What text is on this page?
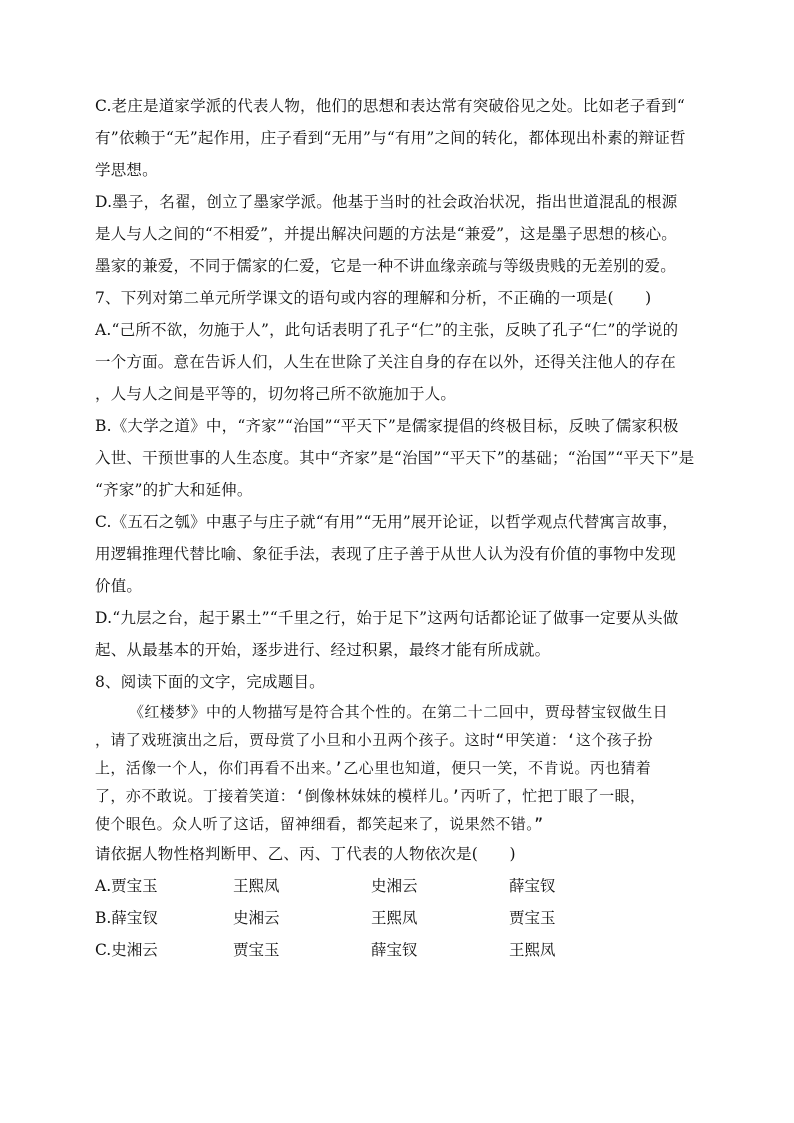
C.老庄是道家学派的代表人物，他们的思想和表达常有突破俗见之处。比如老子看到“
有”依赖于“无”起作用，庄子看到“无用”与“有用”之间的转化，都体现出朴素的辩证哲
学思想。
D.墨子，名翟，创立了墨家学派。他基于当时的社会政治状况，指出世道混乱的根源
是人与人之间的“不相爱”，并提出解决问题的方法是“兼爱”，这是墨子思想的核心。
墨家的兼爱，不同于儒家的仁爱，它是一种不讲血缘亲疏与等级贵贱的无差别的爱。
7、下列对第二单元所学课文的语句或内容的理解和分析，不正确的一项是(　　)
A.“己所不欲，勿施于人”，此句话表明了孔子“仁”的主张，反映了孔子“仁”的学说的
一个方面。意在告诉人们，人生在世除了关注自身的存在以外，还得关注他人的存在
，人与人之间是平等的，切勿将己所不欲施加于人。
B.《大学之道》中，“齐家”“治国”“平天下”是儒家提倡的终极目标，反映了儒家积极
入世、干预世事的人生态度。其中“齐家”是“治国”“平天下”的基础；“治国”“平天下”是
“齐家”的扩大和延伸。
C.《五石之瓠》中惠子与庄子就“有用”“无用”展开论证，以哲学观点代替寓言故事，
用逻辑推理代替比喻、象征手法，表现了庄子善于从世人认为没有价值的事物中发现
价值。
D.“九层之台，起于累土”“千里之行，始于足下”这两句话都论证了做事一定要从头做
起、从最基本的开始，逐步进行、经过积累，最终才能有所成就。
8、阅读下面的文字，完成题目。
《红楼梦》中的人物描写是符合其个性的。在第二十二回中，贾母替宝钗做生日
，请了戏班演出之后，贾母赏了小旦和小丑两个孩子。这时“甲笑道：‘这个孩子扮
上，活像一个人，你们再看不出来。’乙心里也知道，便只一笑，不肯说。丙也猜着
了，亦不敢说。丁接着笑道：‘倒像林妹妹的模样儿。’丙听了，忙把丁眼了一眼，
使个眼色。众人听了这话，留神细看，都笑起来了，说果然不错。”
请依据人物性格判断甲、乙、丙、丁代表的人物依次是(　　)
A.贾宝玉	王熙凤	史湘云	薛宝钗
B.薛宝钗	史湘云	王熙凤	贾宝玉
C.史湘云	贾宝玉	薛宝钗	王熙凤
